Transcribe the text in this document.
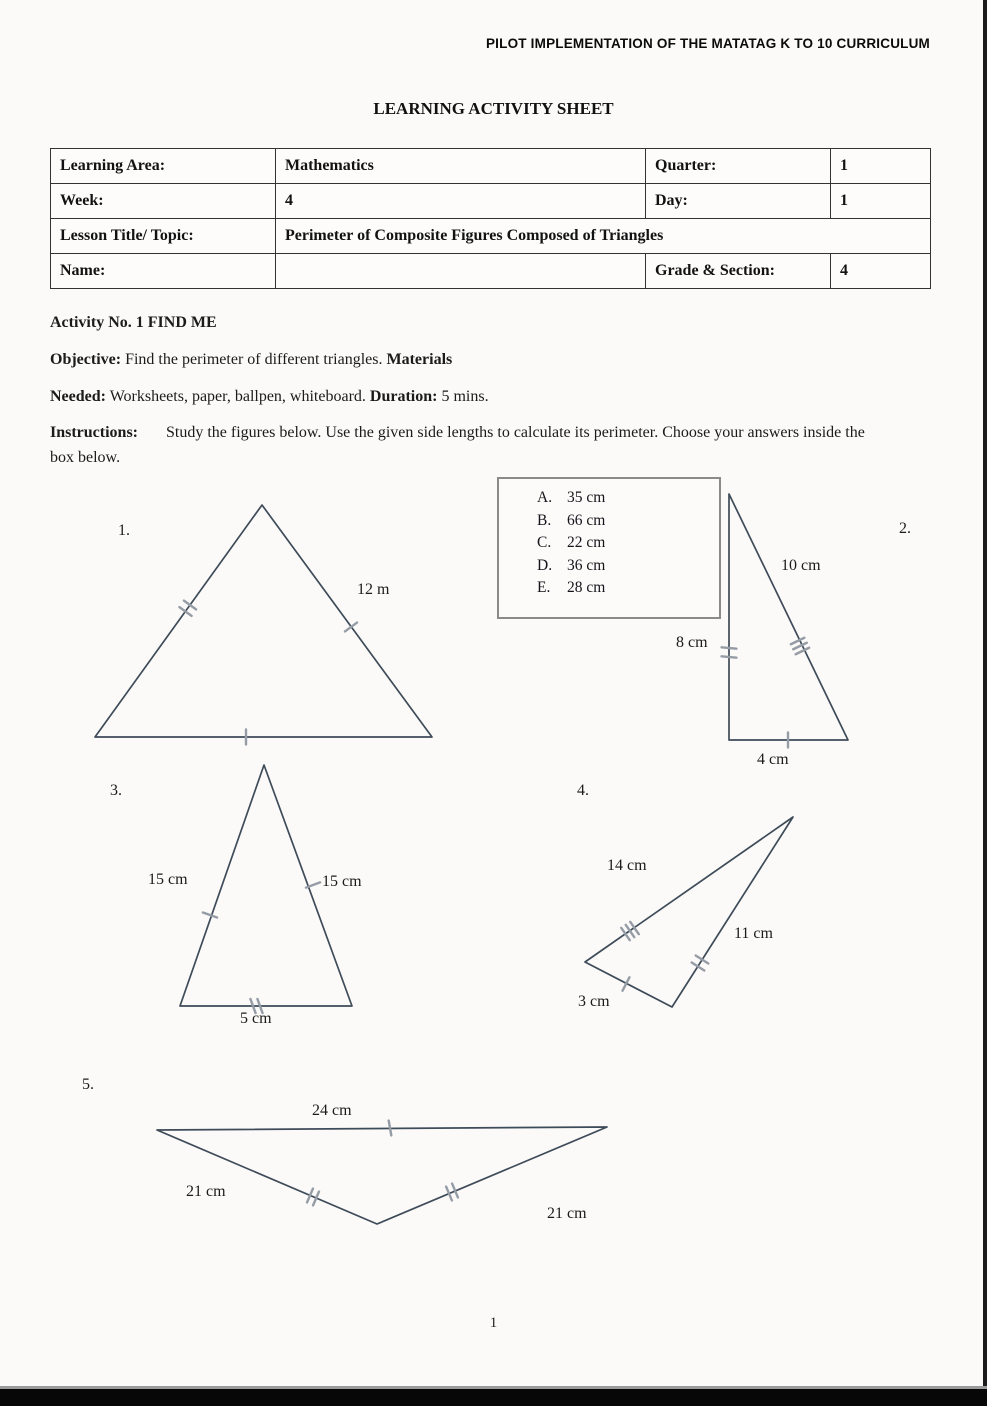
PILOT IMPLEMENTATION OF THE MATATAG K TO 10 CURRICULUM
LEARNING ACTIVITY SHEET
Learning Area:	Mathematics	Quarter:	1
Week:	4	Day:	1
Lesson Title/ Topic:	Perimeter of Composite Figures Composed of Triangles		
Name:		Grade & Section:	4
Activity No. 1 FIND ME
Objective: Find the perimeter of different triangles. Materials
Needed: Worksheets, paper, ballpen, whiteboard. Duration: 5 mins.
Instructions: Study the figures below. Use the given side lengths to calculate its perimeter. Choose your answers inside the box below.
A. 35 cm
B. 66 cm
C. 22 cm
D. 36 cm
E. 28 cm
1.	2.
3.	4.
5.
12 m
10 cm
8 cm
4 cm
15 cm	15 cm
5 cm
14 cm
11 cm
3 cm
24 cm
21 cm
21 cm
1
